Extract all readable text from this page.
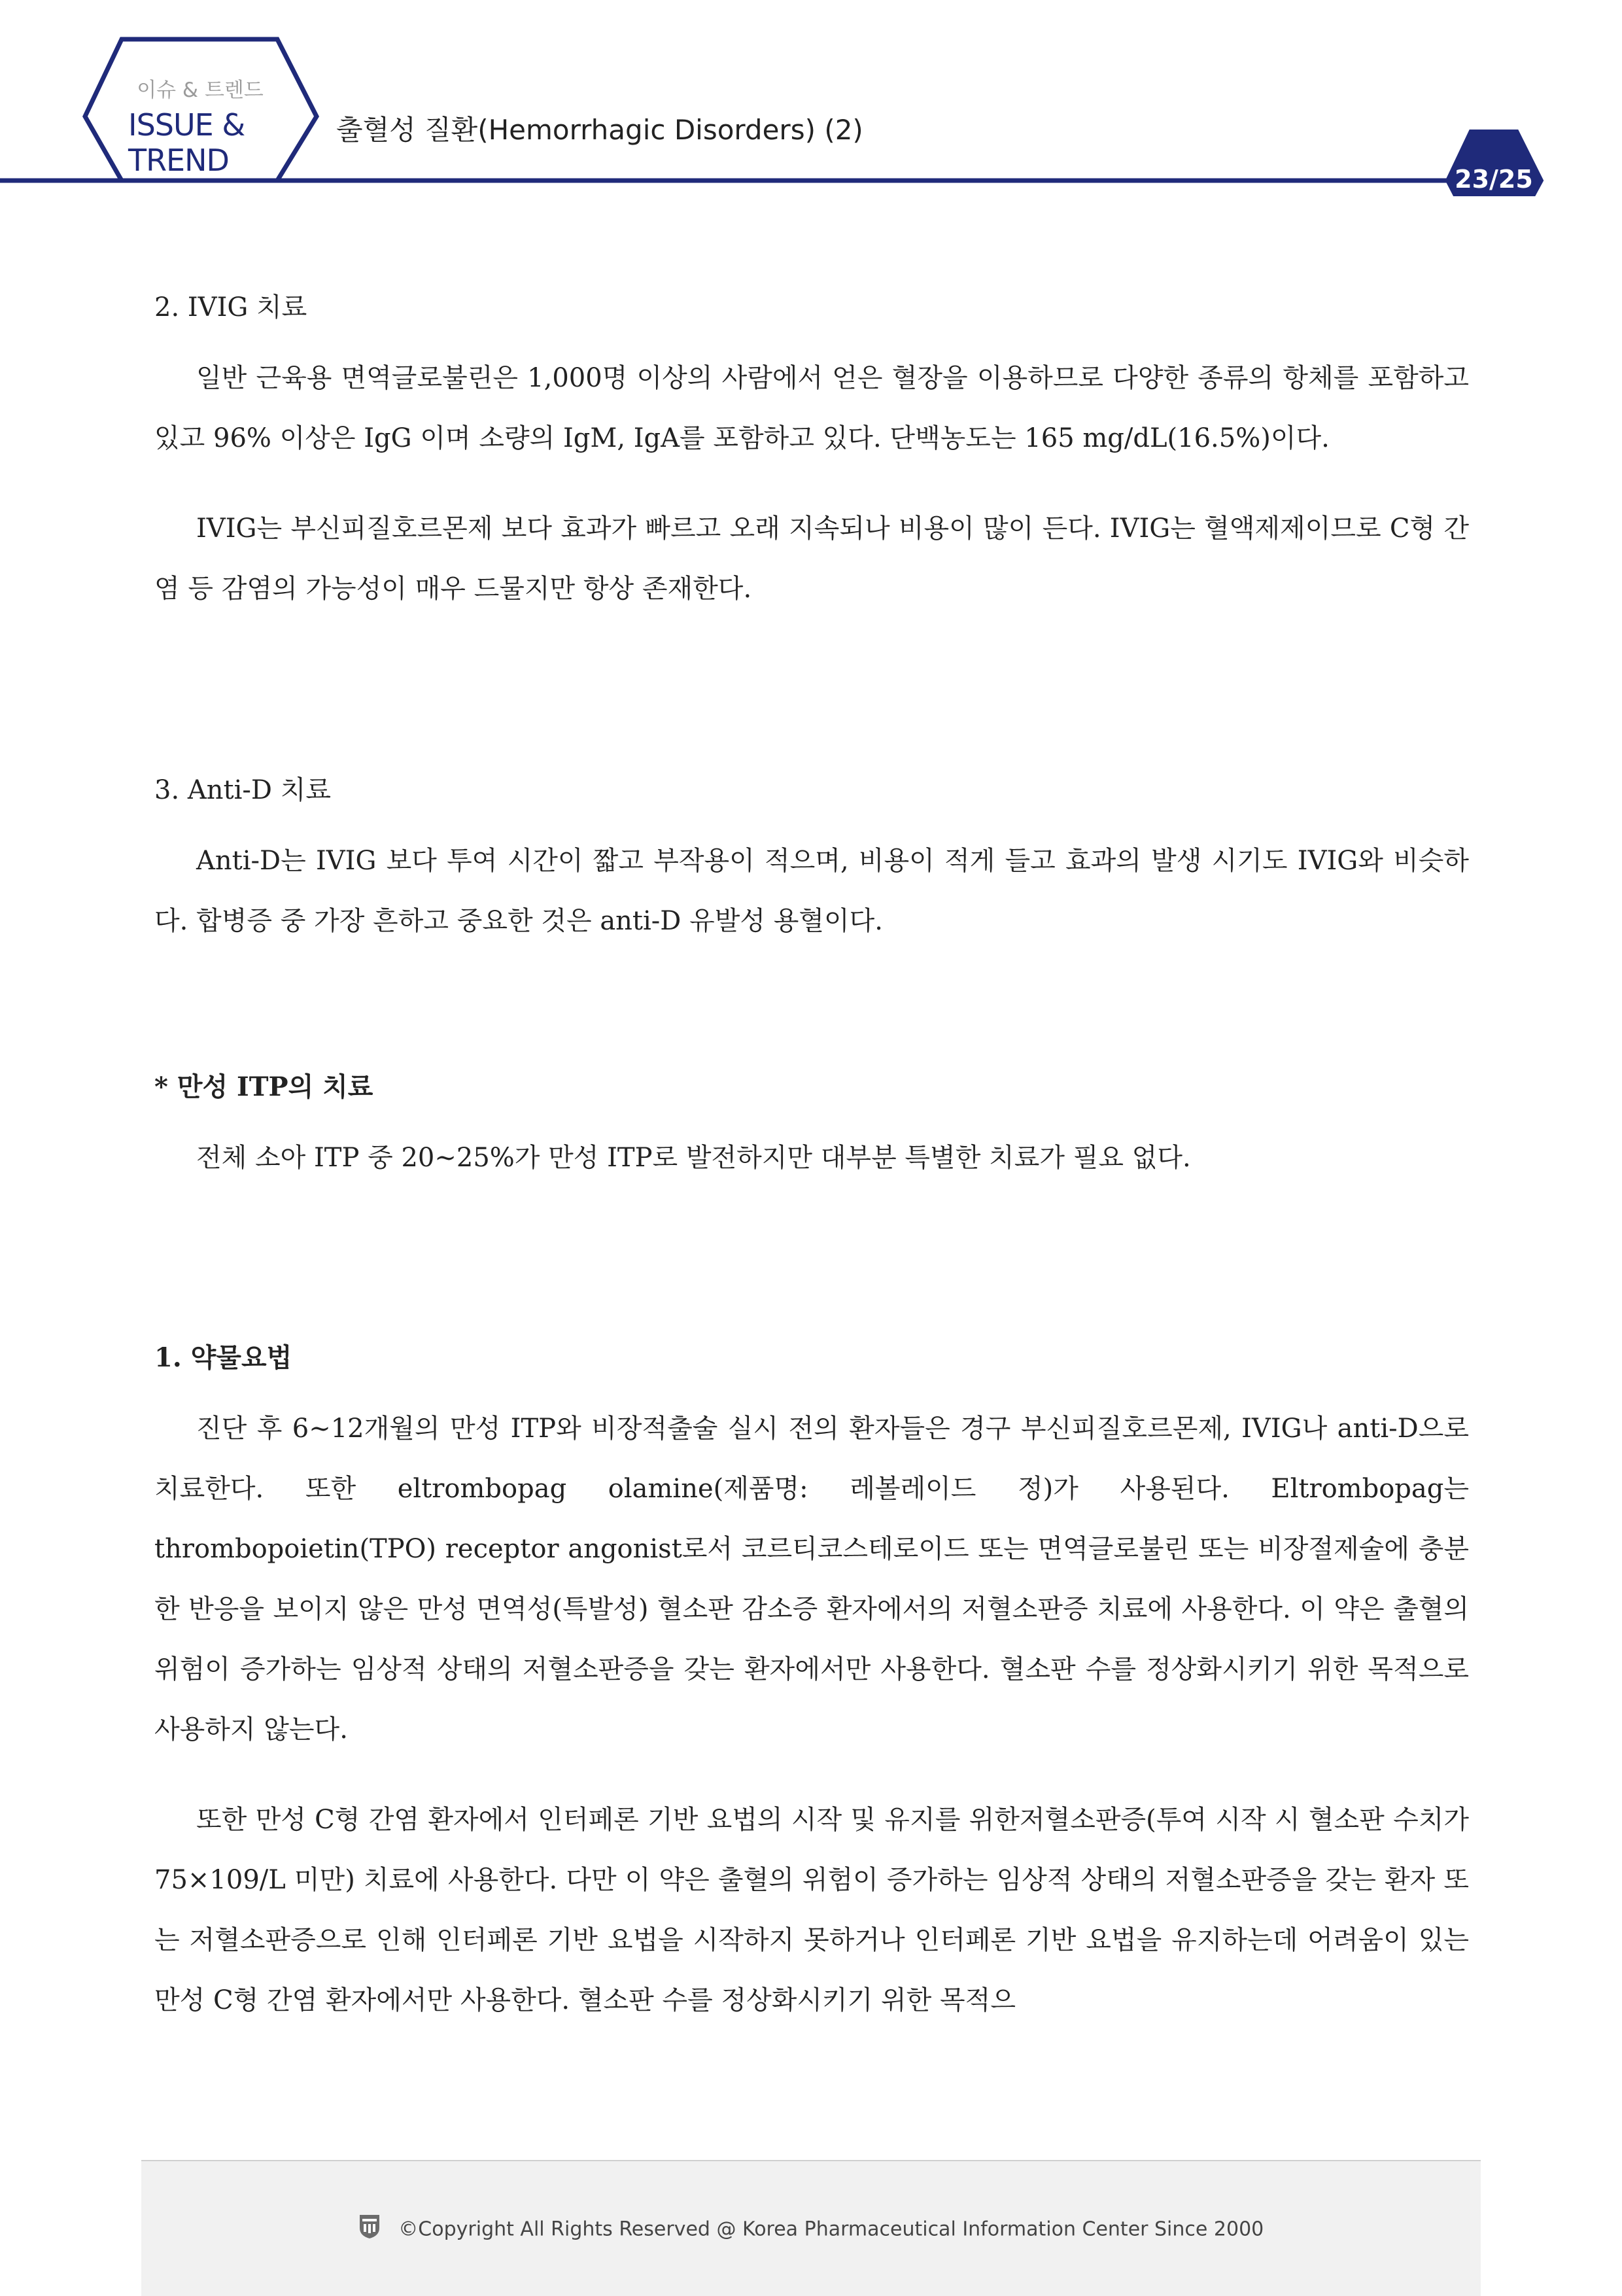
이슈 & 트렌드
ISSUE &
TREND
출혈성 질환(Hemorrhagic Disorders) (2)
23/25

2. IVIG 치료

일반 근육용 면역글로불린은 1,000명 이상의 사람에서 얻은 혈장을 이용하므로 다양한 종류의 항체를 포함하고 있고 96% 이상은 IgG 이며 소량의 IgM, IgA를 포함하고 있다. 단백농도는 165 mg/dL(16.5%)이다.

IVIG는 부신피질호르몬제 보다 효과가 빠르고 오래 지속되나 비용이 많이 든다. IVIG는 혈액제제이므로 C형 간염 등 감염의 가능성이 매우 드물지만 항상 존재한다.

3. Anti-D 치료

Anti-D는 IVIG 보다 투여 시간이 짧고 부작용이 적으며, 비용이 적게 들고 효과의 발생 시기도 IVIG와 비슷하다. 합병증 중 가장 흔하고 중요한 것은 anti-D 유발성 용혈이다.

* 만성 ITP의 치료

전체 소아 ITP 중 20∼25%가 만성 ITP로 발전하지만 대부분 특별한 치료가 필요 없다.

1. 약물요법

진단 후 6∼12개월의 만성 ITP와 비장적출술 실시 전의 환자들은 경구 부신피질호르몬제, IVIG나 anti-D으로 치료한다. 또한 eltrombopag olamine(제품명: 레볼레이드 정)가 사용된다. Eltrombopag는 thrombopoietin(TPO) receptor angonist로서 코르티코스테로이드 또는 면역글로불린 또는 비장절제술에 충분한 반응을 보이지 않은 만성 면역성(특발성) 혈소판 감소증 환자에서의 저혈소판증 치료에 사용한다. 이 약은 출혈의 위험이 증가하는 임상적 상태의 저혈소판증을 갖는 환자에서만 사용한다. 혈소판 수를 정상화시키기 위한 목적으로 사용하지 않는다.

또한 만성 C형 간염 환자에서 인터페론 기반 요법의 시작 및 유지를 위한저혈소판증(투여 시작 시 혈소판 수치가 75×109/L 미만) 치료에 사용한다. 다만 이 약은 출혈의 위험이 증가하는 임상적 상태의 저혈소판증을 갖는 환자 또는 저혈소판증으로 인해 인터페론 기반 요법을 시작하지 못하거나 인터페론 기반 요법을 유지하는데 어려움이 있는 만성 C형 간염 환자에서만 사용한다. 혈소판 수를 정상화시키기 위한 목적으

©Copyright All Rights Reserved @ Korea Pharmaceutical Information Center Since 2000
